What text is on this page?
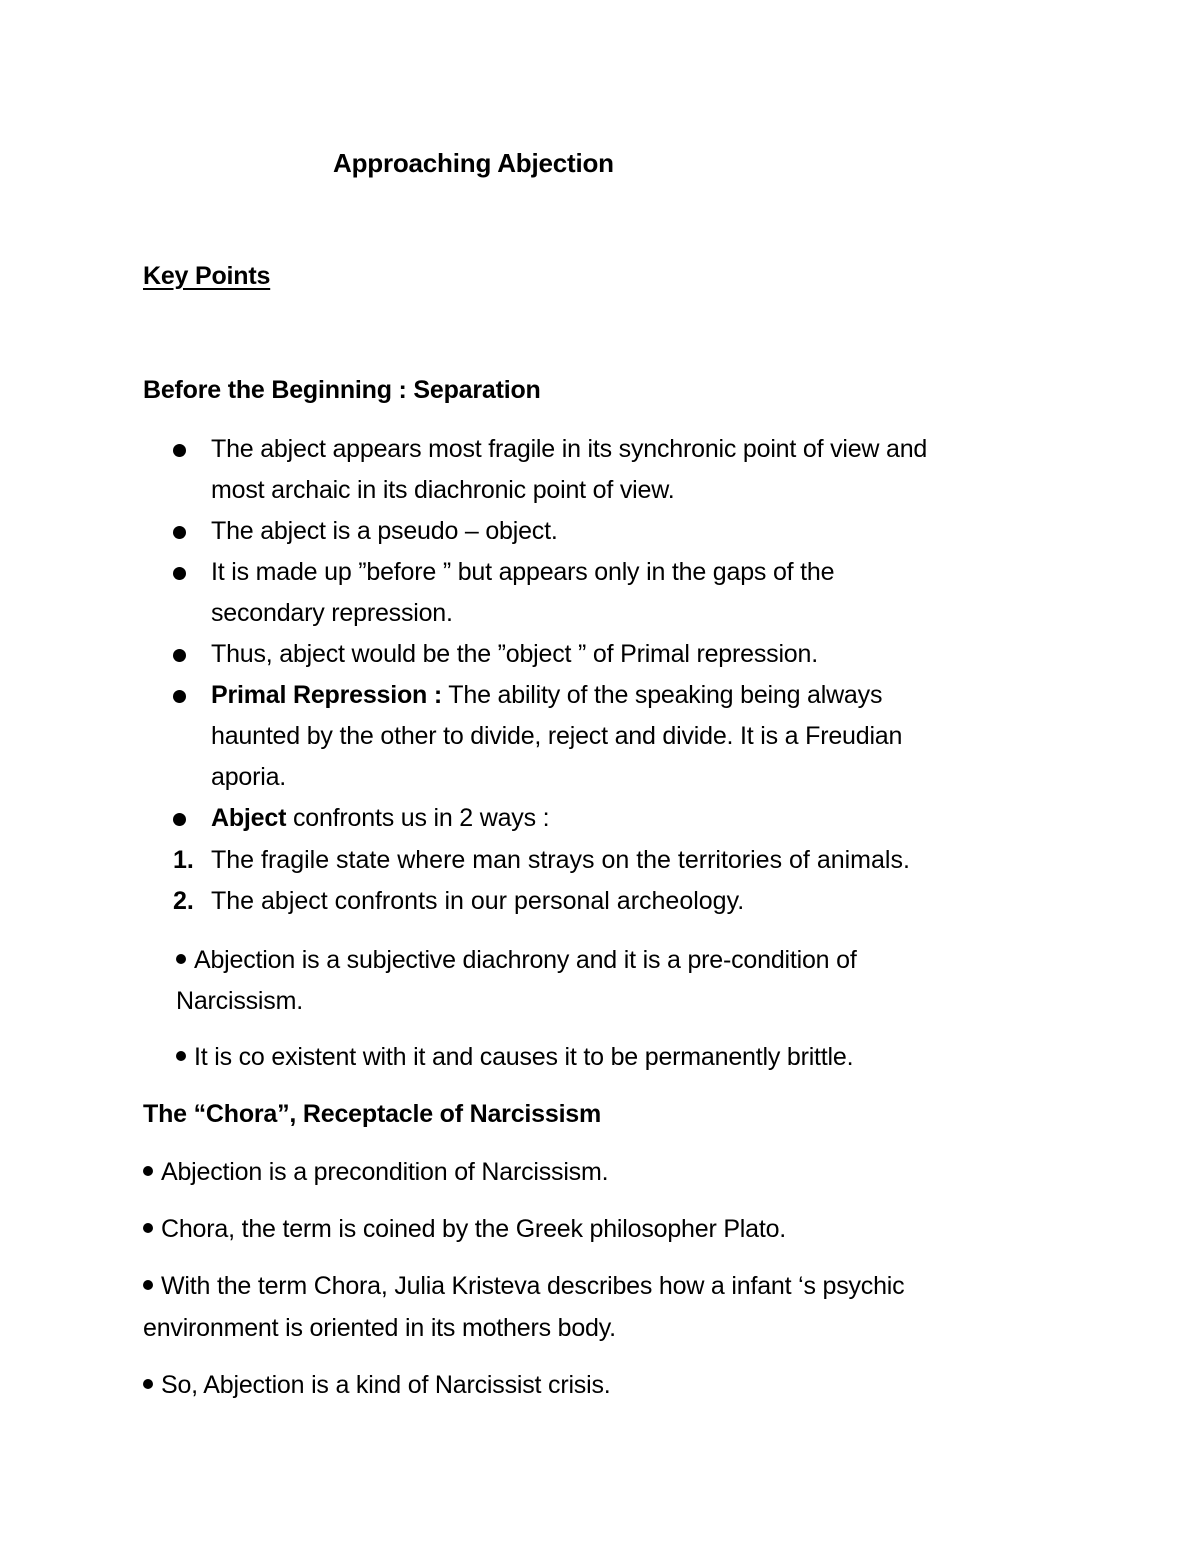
Approaching Abjection
Key Points
Before the Beginning : Separation
The abject appears most fragile in its synchronic point of view and
most archaic in its diachronic point of view.
The abject is a pseudo – object.
It is made up ”before ” but appears only in the gaps of the
secondary repression.
Thus, abject would be the ”object ” of Primal repression.
Primal Repression : The ability of the speaking being always
haunted by the other to divide, reject and divide. It is a Freudian
aporia.
Abject confronts us in 2 ways :
1. The fragile state where man strays on the territories of animals.
2. The abject confronts in our personal archeology.
Abjection is a subjective diachrony and it is a pre-condition of
Narcissism.
It is co existent with it and causes it to be permanently brittle.
The “Chora”, Receptacle of Narcissism
Abjection is a precondition of Narcissism.
Chora, the term is coined by the Greek philosopher Plato.
With the term Chora, Julia Kristeva describes how a infant ‘s psychic
environment is oriented in its mothers body.
So, Abjection is a kind of Narcissist crisis.
